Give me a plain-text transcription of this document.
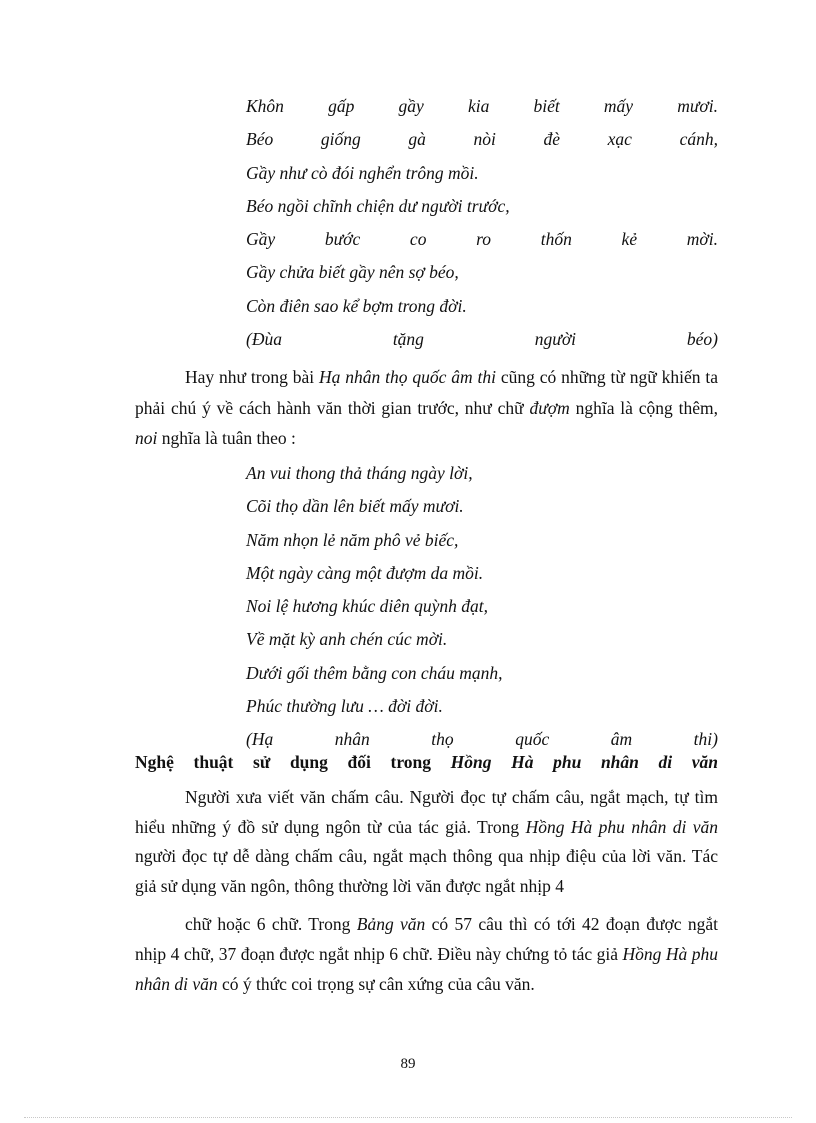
Khôn gấp gầy kia biết mấy mươi.
Béo giống gà nòi đè xạc cánh,
Gầy như cò đói nghển trông mồi.
Béo ngồi chĩnh chiện dư người trước,
Gầy bước co ro thốn kẻ mời.
Gầy chửa biết gầy nên sợ béo,
Còn điên sao kể bợm trong đời.
(Đùa tặng người béo)
Hay như trong bài Hạ nhân thọ quốc âm thi cũng có những từ ngữ khiến ta phải chú ý về cách hành văn thời gian trước, như chữ đượm nghĩa là cộng thêm, noi nghĩa là tuân theo :
An vui thong thả tháng ngày lời,
Cõi thọ dần lên biết mấy mươi.
Năm nhọn lẻ năm phô vẻ biếc,
Một ngày càng một đượm da mồi.
Noi lệ hương khúc diên quỳnh đạt,
Về mặt kỳ anh chén cúc mời.
Dưới gối thêm bằng con cháu mạnh,
Phúc thường lưu … đời đời.
(Hạ nhân thọ quốc âm thi)
Nghệ thuật sử dụng đối trong Hồng Hà phu nhân di văn
Người xưa viết văn chấm câu. Người đọc tự chấm câu, ngắt mạch, tự tìm hiểu những ý đồ sử dụng ngôn từ của tác giả. Trong Hồng Hà phu nhân di văn người đọc tự dễ dàng chấm câu, ngắt mạch thông qua nhịp điệu của lời văn. Tác giả sử dụng văn ngôn, thông thường lời văn được ngắt nhịp 4
chữ hoặc 6 chữ. Trong Bảng văn có 57 câu thì có tới 42 đoạn được ngắt nhịp 4 chữ, 37 đoạn được ngắt nhịp 6 chữ. Điều này chứng tỏ tác giả Hồng Hà phu nhân di văn có ý thức coi trọng sự cân xứng của câu văn.
89
